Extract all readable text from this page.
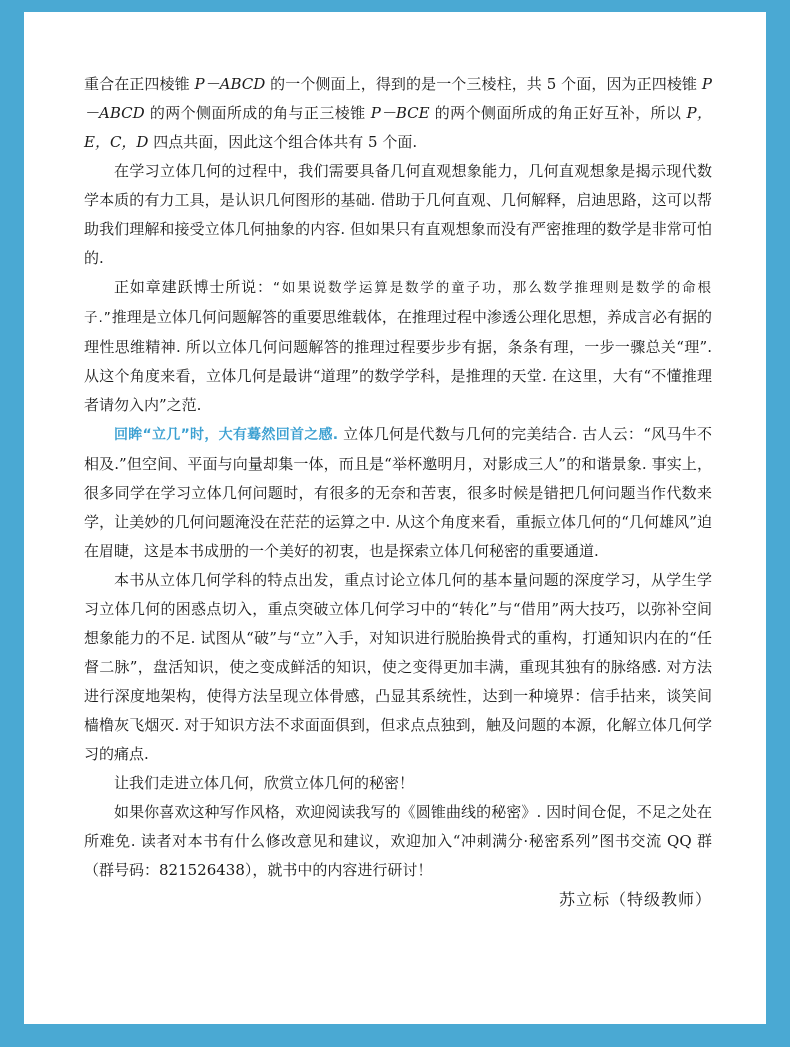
重合在正四棱锥 P－ABCD 的一个侧面上，得到的是一个三棱柱，共 5 个面，因为正四棱锥 P－ABCD 的两个侧面所成的角与正三棱锥 P－BCE 的两个侧面所成的角正好互补，所以 P，E，C，D 四点共面，因此这个组合体共有 5 个面.

在学习立体几何的过程中，我们需要具备几何直观想象能力，几何直观想象是揭示现代数学本质的有力工具，是认识几何图形的基础. 借助于几何直观、几何解释，启迪思路，这可以帮助我们理解和接受立体几何抽象的内容. 但如果只有直观想象而没有严密推理的数学是非常可怕的.

正如章建跃博士所说：“如果说数学运算是数学的童子功，那么数学推理则是数学的命根子.”推理是立体几何问题解答的重要思维载体，在推理过程中渗透公理化思想，养成言必有据的理性思维精神. 所以立体几何问题解答的推理过程要步步有据，条条有理，一步一骤总关“理”. 从这个角度来看，立体几何是最讲“道理”的数学学科，是推理的天堂. 在这里，大有“不懂推理者请勿入内”之范.

回眸“立几”时，大有蓦然回首之感. 立体几何是代数与几何的完美结合. 古人云：“风马牛不相及.”但空间、平面与向量却集一体，而且是“举杯邀明月，对影成三人”的和谐景象. 事实上，很多同学在学习立体几何问题时，有很多的无奈和苦衷，很多时候是错把几何问题当作代数来学，让美妙的几何问题淹没在茫茫的运算之中. 从这个角度来看，重振立体几何的“几何雄风”迫在眉睫，这是本书成册的一个美好的初衷，也是探索立体几何秘密的重要通道.

本书从立体几何学科的特点出发，重点讨论立体几何的基本量问题的深度学习，从学生学习立体几何的困惑点切入，重点突破立体几何学习中的“转化”与“借用”两大技巧，以弥补空间想象能力的不足. 试图从“破”与“立”入手，对知识进行脱胎换骨式的重构，打通知识内在的“任督二脉”，盘活知识，使之变成鲜活的知识，使之变得更加丰满，重现其独有的脉络感. 对方法进行深度地架构，使得方法呈现立体骨感，凸显其系统性，达到一种境界：信手拈来，谈笑间樯橹灰飞烟灭. 对于知识方法不求面面俱到，但求点点独到，触及问题的本源，化解立体几何学习的痛点.

让我们走进立体几何，欣赏立体几何的秘密！

如果你喜欢这种写作风格，欢迎阅读我写的《圆锥曲线的秘密》. 因时间仓促，不足之处在所难免. 读者对本书有什么修改意见和建议，欢迎加入“冲刺满分·秘密系列”图书交流 QQ 群（群号码：821526438），就书中的内容进行研讨！

苏立标（特级教师）
